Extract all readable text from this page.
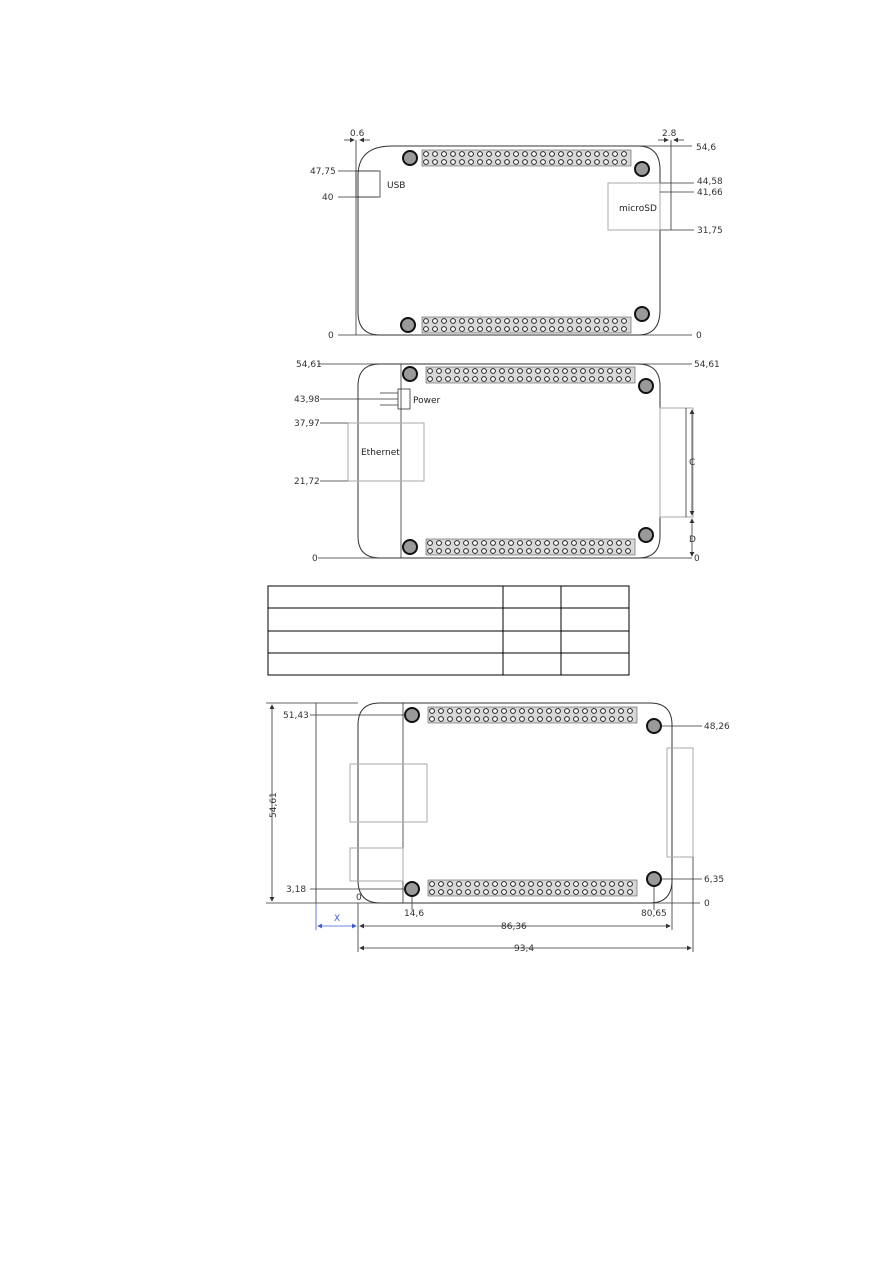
USB
microSD
0.6	2.8
54,6
47,75
40
44,58
41,66
31,75
0	0
Power
Ethernet
54,61	54,61
43,98
37,97
21,72
0	0
C
D
54,61
51,43
48,26
3,18
6,35
0
0
14,6	80,65
86,36
93,4
X
